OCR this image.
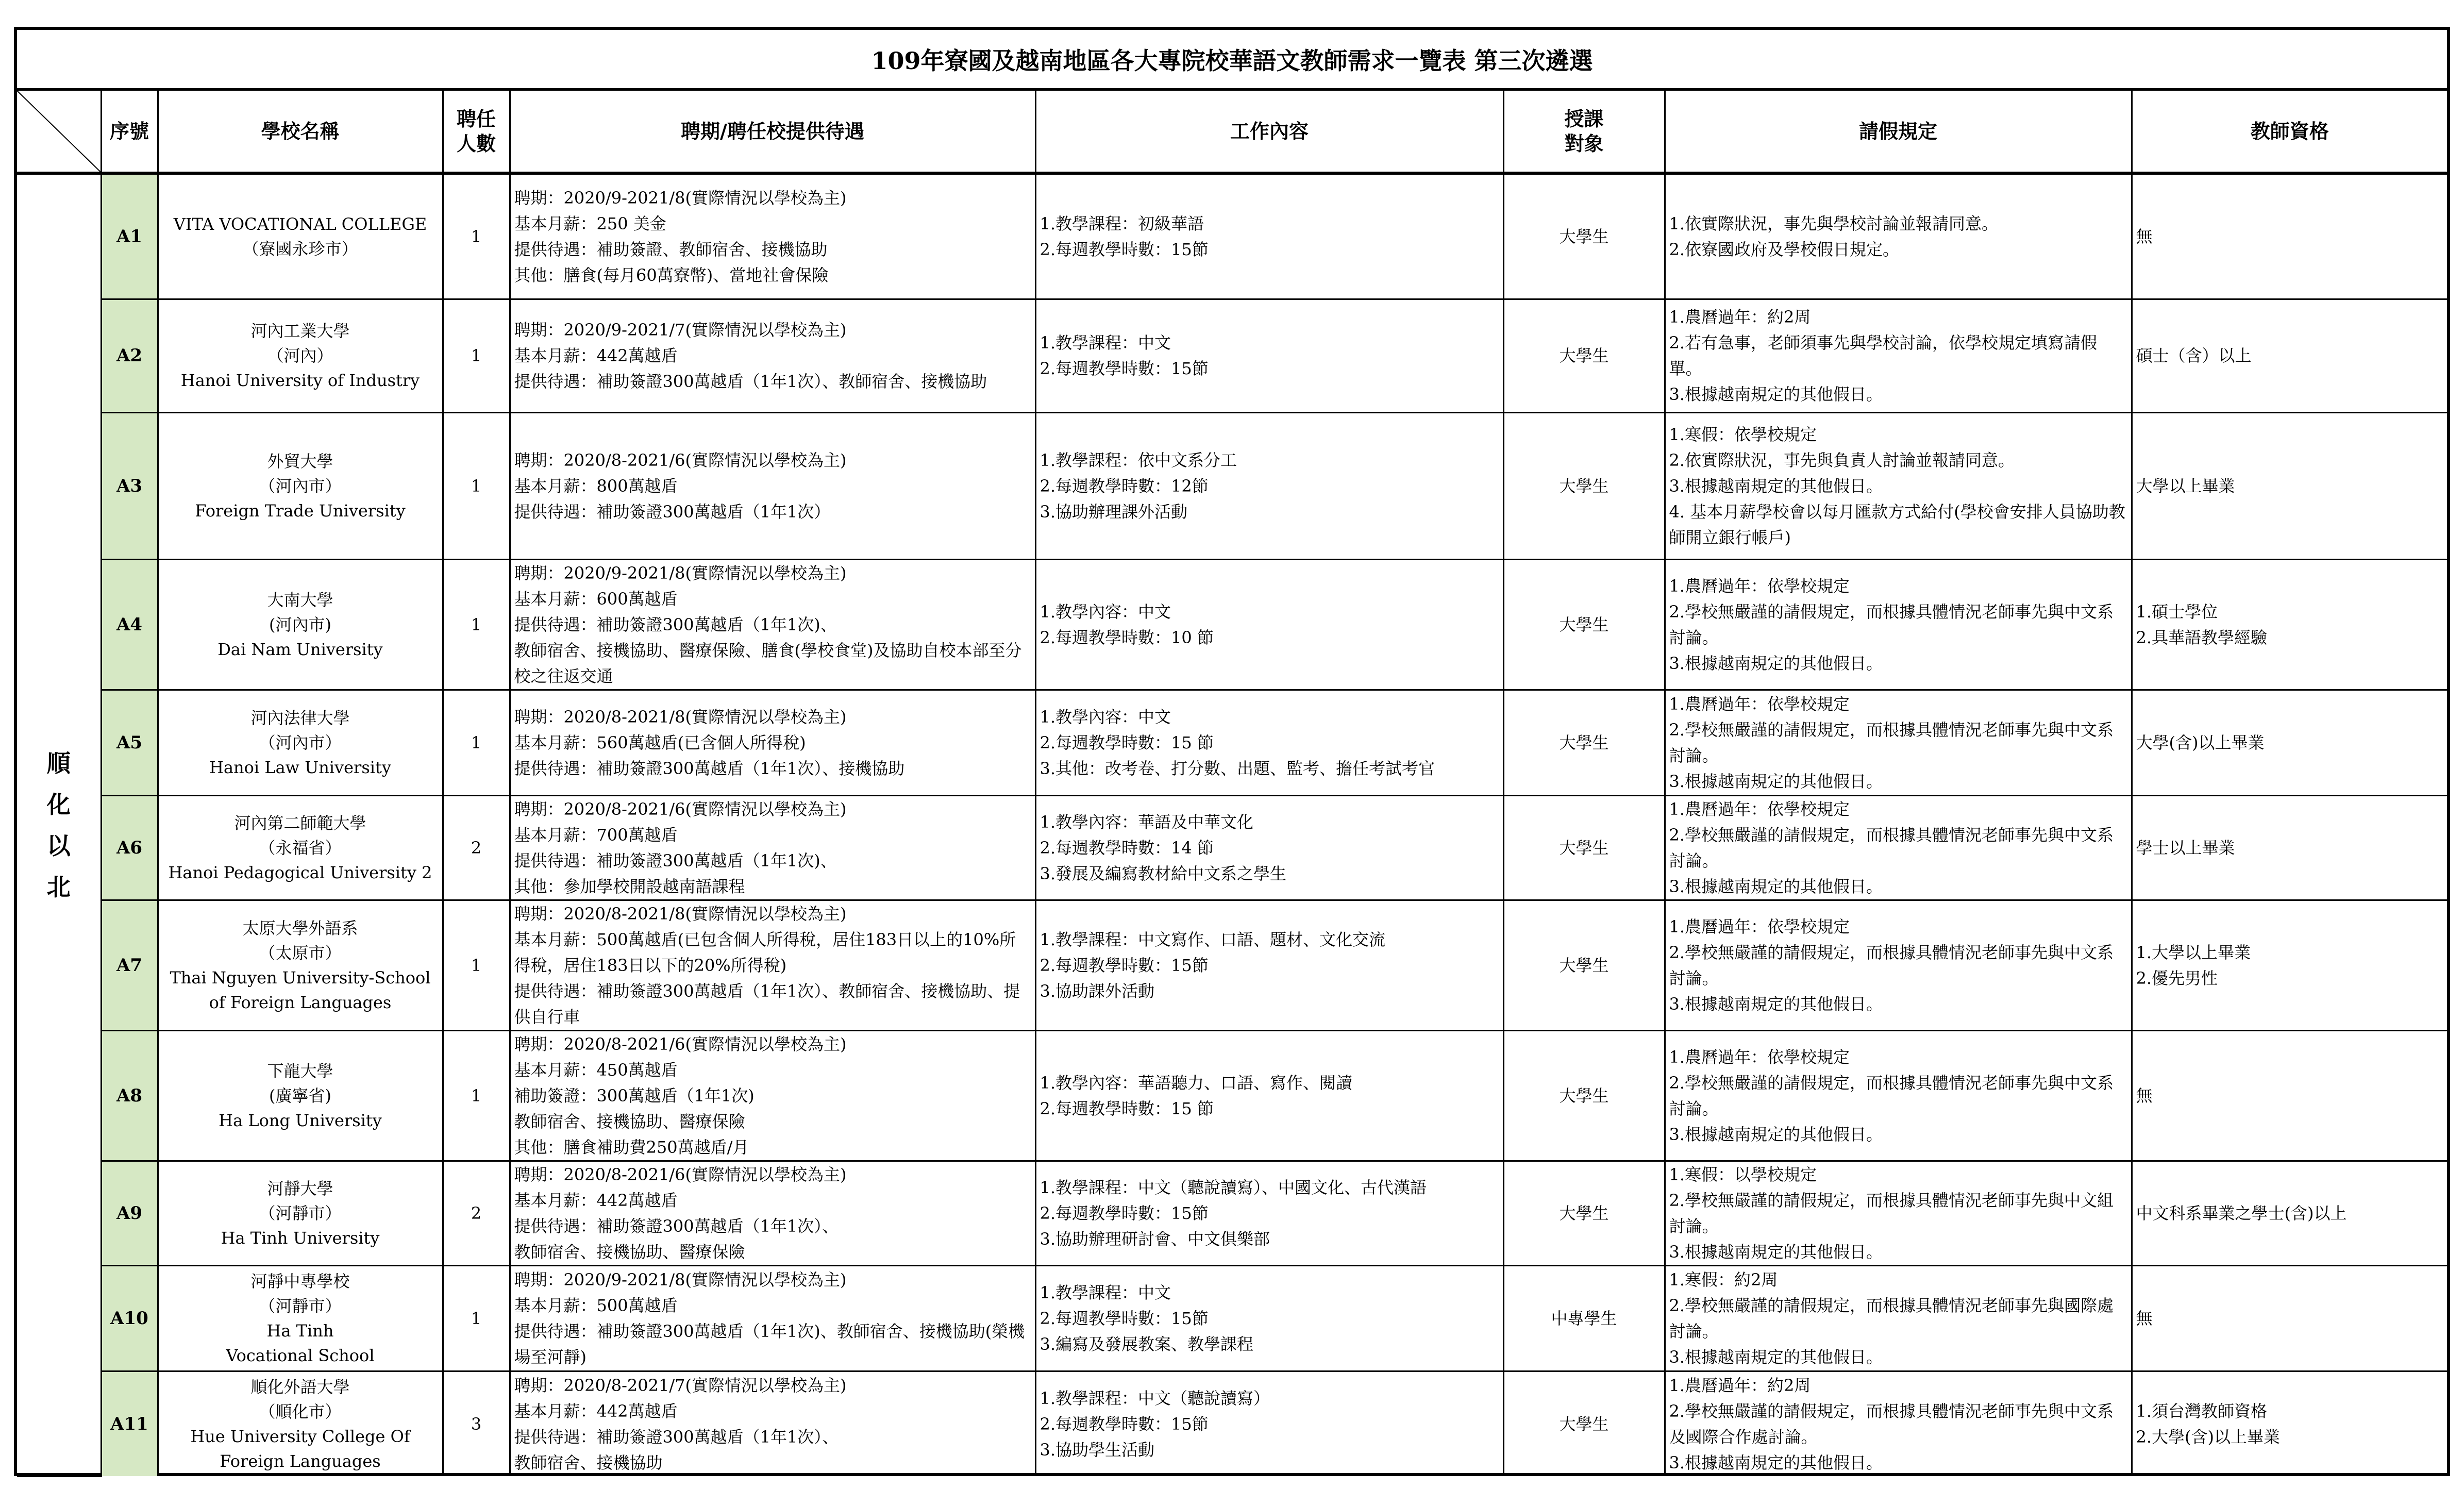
109年寮國及越南地區各大專院校華語文教師需求一覽表 第三次遴選
	序號	學校名稱	聘任
人數	聘期/聘任校提供待遇	工作內容	授課
對象	請假規定	教師資格
順
化
以
北	A1	VITA VOCATIONAL COLLEGE
（寮國永珍市）	1	聘期：2020/9-2021/8(實際情況以學校為主)
基本月薪：250 美金
提供待遇：補助簽證、教師宿舍、接機協助
其他：膳食(每月60萬寮幣)、當地社會保險	1.教學課程：初級華語
2.每週教學時數：15節	大學生	1.依實際狀況，事先與學校討論並報請同意。
2.依寮國政府及學校假日規定。	無
	A2	河內工業大學
（河內）
Hanoi University of Industry	1	聘期：2020/9-2021/7(實際情況以學校為主)
基本月薪：442萬越盾
提供待遇：補助簽證300萬越盾（1年1次）、教師宿舍、接機協助	1.教學課程：中文
2.每週教學時數：15節	大學生	1.農曆過年：約2周
2.若有急事，老師須事先與學校討論，依學校規定填寫請假單。
3.根據越南規定的其他假日。	碩士（含）以上
	A3	外貿大學
（河內市）
Foreign Trade University	1	聘期：2020/8-2021/6(實際情況以學校為主)
基本月薪：800萬越盾
提供待遇：補助簽證300萬越盾（1年1次）	1.教學課程：依中文系分工
2.每週教學時數：12節
3.協助辦理課外活動	大學生	1.寒假：依學校規定
2.依實際狀況，事先與負責人討論並報請同意。
3.根據越南規定的其他假日。
4. 基本月薪學校會以每月匯款方式給付(學校會安排人員協助教師開立銀行帳戶)	大學以上畢業
	A4	大南大學
(河內市)
Dai Nam University	1	聘期：2020/9-2021/8(實際情況以學校為主)
基本月薪：600萬越盾
提供待遇：補助簽證300萬越盾（1年1次)、
教師宿舍、接機協助、醫療保險、膳食(學校食堂)及協助自校本部至分校之往返交通	1.教學內容：中文
2.每週教學時數：10 節	大學生	1.農曆過年：依學校規定
2.學校無嚴謹的請假規定，而根據具體情況老師事先與中文系討論。
3.根據越南規定的其他假日。	1.碩士學位
2.具華語教學經驗
	A5	河內法律大學
（河內市）
Hanoi Law University	1	聘期：2020/8-2021/8(實際情況以學校為主)
基本月薪：560萬越盾(已含個人所得稅)
提供待遇：補助簽證300萬越盾（1年1次）、接機協助	1.教學內容：中文
2.每週教學時數：15 節
3.其他：改考卷、打分數、出題、監考、擔任考試考官	大學生	1.農曆過年：依學校規定
2.學校無嚴謹的請假規定，而根據具體情況老師事先與中文系討論。
3.根據越南規定的其他假日。	大學(含)以上畢業
	A6	河內第二師範大學
（永福省）
Hanoi Pedagogical University 2	2	聘期：2020/8-2021/6(實際情況以學校為主)
基本月薪：700萬越盾
提供待遇：補助簽證300萬越盾（1年1次)、
其他：參加學校開設越南語課程	1.教學內容：華語及中華文化
2.每週教學時數：14 節
3.發展及編寫教材給中文系之學生	大學生	1.農曆過年：依學校規定
2.學校無嚴謹的請假規定，而根據具體情況老師事先與中文系討論。
3.根據越南規定的其他假日。	學士以上畢業
	A7	太原大學外語系
（太原市）
Thai Nguyen University-School of Foreign Languages	1	聘期：2020/8-2021/8(實際情況以學校為主)
基本月薪：500萬越盾(已包含個人所得稅，居住183日以上的10%所得稅，居住183日以下的20%所得稅)
提供待遇：補助簽證300萬越盾（1年1次）、教師宿舍、接機協助、提供自行車	1.教學課程：中文寫作、口語、題材、文化交流
2.每週教學時數：15節
3.協助課外活動	大學生	1.農曆過年：依學校規定
2.學校無嚴謹的請假規定，而根據具體情況老師事先與中文系討論。
3.根據越南規定的其他假日。	1.大學以上畢業
2.優先男性
	A8	下龍大學
(廣寧省)
Ha Long University	1	聘期：2020/8-2021/6(實際情況以學校為主)
基本月薪：450萬越盾
補助簽證：300萬越盾（1年1次)
教師宿舍、接機協助、醫療保險
其他：膳食補助費250萬越盾/月	1.教學內容：華語聽力、口語、寫作、閱讀
2.每週教學時數：15 節	大學生	1.農曆過年：依學校規定
2.學校無嚴謹的請假規定，而根據具體情況老師事先與中文系討論。
3.根據越南規定的其他假日。	無
	A9	河靜大學
（河靜市）
Ha Tinh University	2	聘期：2020/8-2021/6(實際情況以學校為主)
基本月薪：442萬越盾
提供待遇：補助簽證300萬越盾（1年1次）、
教師宿舍、接機協助、醫療保險	1.教學課程：中文（聽說讀寫）、中國文化、古代漢語
2.每週教學時數：15節
3.協助辦理研討會、中文俱樂部	大學生	1.寒假：以學校規定
2.學校無嚴謹的請假規定，而根據具體情況老師事先與中文組討論。
3.根據越南規定的其他假日。	中文科系畢業之學士(含)以上
	A10	河靜中專學校
（河靜市）
Ha Tinh
Vocational School	1	聘期：2020/9-2021/8(實際情況以學校為主)
基本月薪：500萬越盾
提供待遇：補助簽證300萬越盾（1年1次)、教師宿舍、接機協助(榮機場至河靜)	1.教學課程：中文
2.每週教學時數：15節
3.編寫及發展教案、教學課程	中專學生	1.寒假：約2周
2.學校無嚴謹的請假規定，而根據具體情況老師事先與國際處討論。
3.根據越南規定的其他假日。	無
	A11	順化外語大學
（順化市）
Hue University College Of Foreign Languages	3	聘期：2020/8-2021/7(實際情況以學校為主)
基本月薪：442萬越盾
提供待遇：補助簽證300萬越盾（1年1次）、
教師宿舍、接機協助	1.教學課程：中文（聽說讀寫）
2.每週教學時數：15節
3.協助學生活動	大學生	1.農曆過年：約2周
2.學校無嚴謹的請假規定，而根據具體情況老師事先與中文系及國際合作處討論。
3.根據越南規定的其他假日。	1.須台灣教師資格
2.大學(含)以上畢業
